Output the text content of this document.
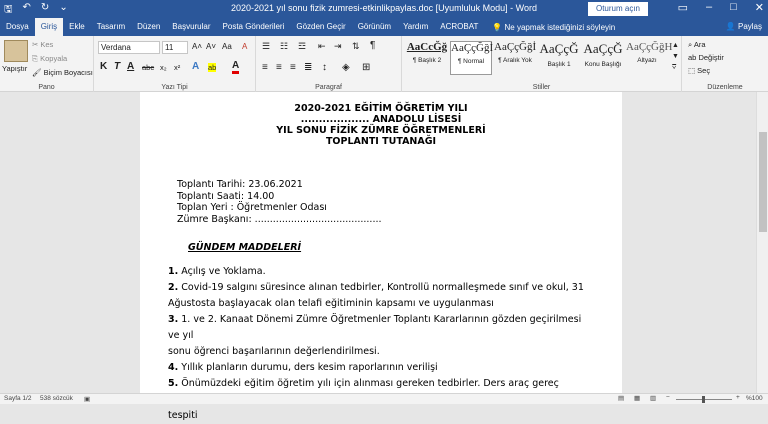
🖫 ↶ ↻ ⌄	2020-2021 yıl sonu fizik zumresi-etkinlikpaylas.doc [Uyumluluk Modu] - Word	Oturum açın	▭ – □ ✕
Dosya	Giriş	Ekle	Tasarım	Düzen	Başvurular	Posta Gönderileri	Gözden Geçir	Görünüm	Yardım	ACROBAT	💡 Ne yapmak istediğinizi söyleyin	👤 Paylaş
Yapıştır
✂ Kes
⎘ Kopyala
🖌 Biçim Boyacısı
Pano
Verdana	11	A˄ A˅ Aa A
K T A abc x₂ x² A ab A
Yazı Tipi
☰ ☷ ☲ ⇤ ⇥ ⇅ ¶
≡ ≡ ≡ ≣ ↕ ◈ ⊞
Paragraf
AaCcĞğ
¶ Başlık 2
AaÇçĞğİ
¶ Normal
AaÇçĞğİ
¶ Aralık Yok
AaÇçĞ
Başlık 1
AaÇçĞ
Konu Başlığı
AaÇçĞğH
Altyazı
▲
▼
⩢
Stiller
⌕ Ara
ab Değiştir
⬚ Seç
Düzenleme
2020-2021 EĞİTİM ÖĞRETİM YILI
................... ANADOLU LİSESİ
YIL SONU FİZİK ZÜMRE ÖĞRETMENLERİ
TOPLANTI TUTANAĞI
Toplantı Tarihi: 23.06.2021
Toplantı Saati: 14.00
Toplan Yeri : Öğretmenler Odası
Zümre Başkanı: ..........................................
GÜNDEM MADDELERİ
1. Açılış ve Yoklama.
2. Covid-19 salgını süresince alınan tedbirler, Kontrollü normalleşmede sınıf ve okul, 31
Ağustosta başlayacak olan telafi eğitiminin kapsamı ve uygulanması
3. 1. ve 2. Kanaat Dönemi Zümre Öğretmenler Toplantı Kararlarının gözden geçirilmesi ve yıl
sonu öğrenci başarılarının değerlendirilmesi.
4. Yıllık planların durumu, ders kesim raporlarının verilişi
5. Önümüzdeki eğitim öğretim yılı için alınması gereken tedbirler. Ders araç gereç
tespiti
Sayfa 1/2 538 sözcük ▣	▤ ▦ ▥ −	+ %100
